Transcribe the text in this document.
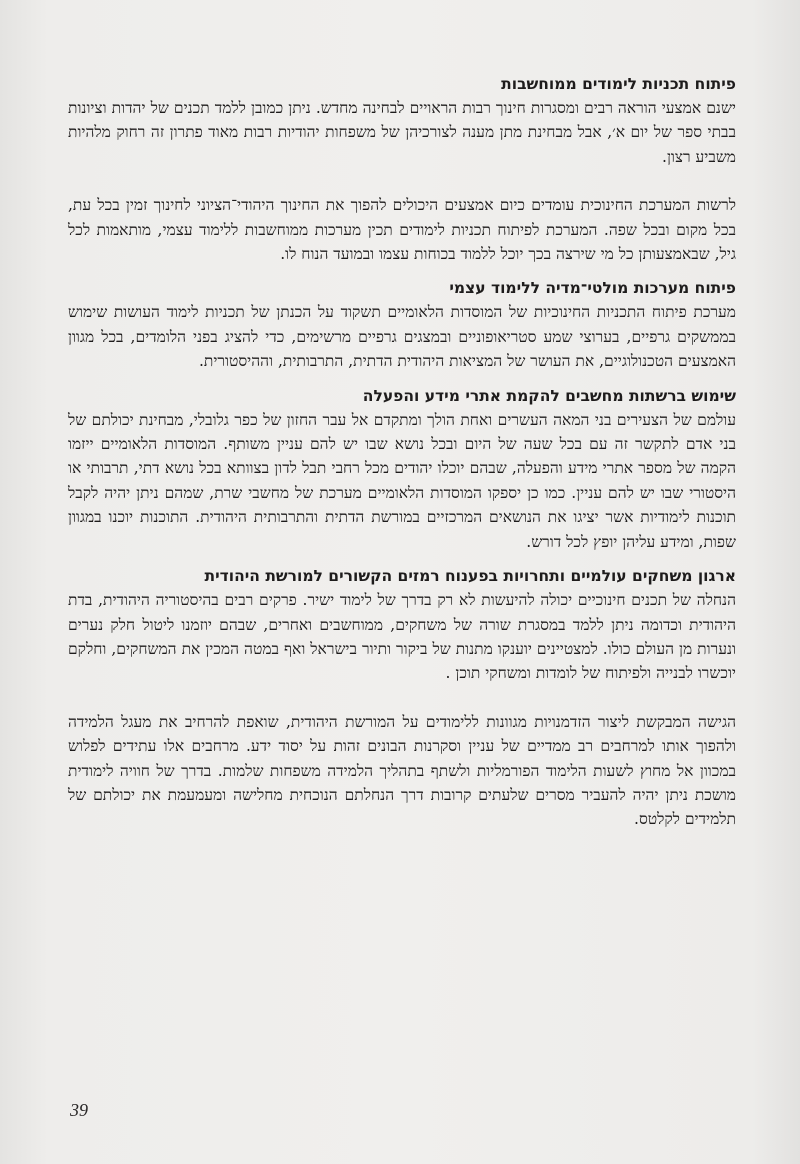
פיתוח תכניות לימודים ממוחשבות

ישנם אמצעי הוראה רבים ומסגרות חינוך רבות הראויים לבחינה מחדש. ניתן כמובן ללמד תכנים של יהדות וציונות בבתי ספר של יום א׳, אבל מבחינת מתן מענה לצורכיהן של משפחות יהודיות רבות מאוד פתרון זה רחוק מלהיות משביע רצון.

לרשות המערכת החינוכית עומדים כיום אמצעים היכולים להפוך את החינוך היהודי־הציוני לחינוך זמין בכל עת, בכל מקום ובכל שפה. המערכת לפיתוח תכניות לימודים תכין מערכות ממוחשבות ללימוד עצמי, מותאמות לכל גיל, שבאמצעותן כל מי שירצה בכך יוכל ללמוד בכוחות עצמו ובמועד הנוח לו.

פיתוח מערכות מולטי־מדיה ללימוד עצמי

מערכת פיתוח התכניות החינוכיות של המוסדות הלאומיים תשקוד על הכנתן של תכניות לימוד העושות שימוש בממשקים גרפיים, בערוצי שמע סטריאופוניים ובמצגים גרפיים מרשימים, כדי להציג בפני הלומדים, בכל מגוון האמצעים הטכנולוגיים, את העושר של המציאות היהודית הדתית, התרבותית, וההיסטורית.

שימוש ברשתות מחשבים להקמת אתרי מידע והפעלה

עולמם של הצעירים בני המאה העשרים ואחת הולך ומתקדם אל עבר החזון של כפר גלובלי, מבחינת יכולתם של בני אדם לתקשר זה עם בכל שעה של היום ובכל נושא שבו יש להם עניין משותף. המוסדות הלאומיים ייזמו הקמה של מספר אתרי מידע והפעלה, שבהם יוכלו יהודים מכל רחבי תבל לדון בצוותא בכל נושא דתי, תרבותי או היסטורי שבו יש להם עניין. כמו כן יספקו המוסדות הלאומיים מערכת של מחשבי שרת, שמהם ניתן יהיה לקבל תוכנות לימודיות אשר יציגו את הנושאים המרכזיים במורשת הדתית והתרבותית היהודית. התוכנות יוכנו במגוון שפות, ומידע עליהן יופץ לכל דורש.

ארגון משחקים עולמיים ותחרויות בפענוח רמזים הקשורים למורשת היהודית

הנחלה של תכנים חינוכיים יכולה להיעשות לא רק בדרך של לימוד ישיר. פרקים רבים בהיסטוריה היהודית, בדת היהודית וכדומה ניתן ללמד במסגרת שורה של משחקים, ממוחשבים ואחרים, שבהם יוזמנו ליטול חלק נערים ונערות מן העולם כולו. למצטיינים יוענקו מתנות של ביקור ותיור בישראל ואף במטה המכין את המשחקים, וחלקם יוכשרו לבנייה ולפיתוח של לומדות ומשחקי תוכן .

הגישה המבקשת ליצור הזדמנויות מגוונות ללימודים על המורשת היהודית, שואפת להרחיב את מעגל הלמידה ולהפוך אותו למרחבים רב ממדיים של עניין וסקרנות הבונים זהות על יסוד ידע. מרחבים אלו עתידים לפלוש במכוון אל מחוץ לשעות הלימוד הפורמליות ולשתף בתהליך הלמידה משפחות שלמות. בדרך של חוויה לימודית מושכת ניתן יהיה להעביר מסרים שלעתים קרובות דרך הנחלתם הנוכחית מחלישה ומעמעמת את יכולתם של תלמידים לקלטס.

39
